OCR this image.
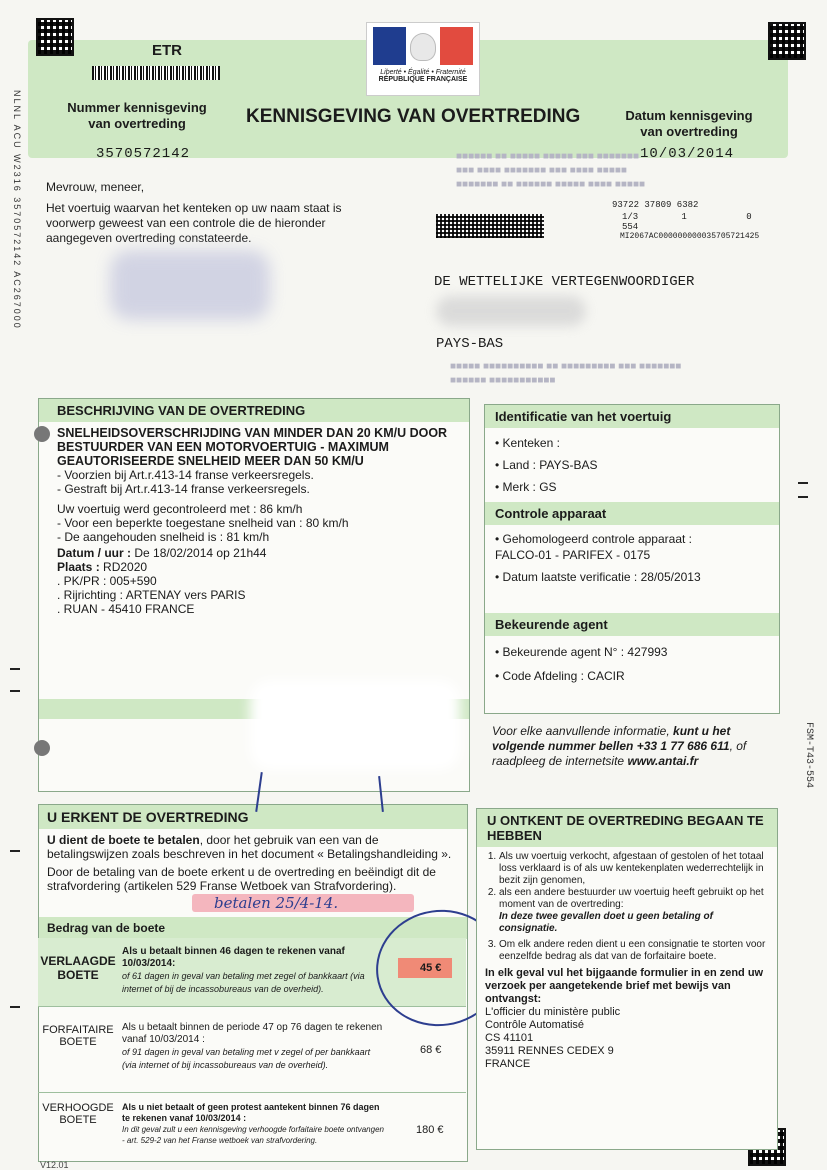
ETR
Liberté • Égalité • Fraternité
RÉPUBLIQUE FRANÇAISE
Nummer kennisgeving van overtreding
3570572142
KENNISGEVING VAN OVERTREDING	Datum kennisgeving van overtreding
10/03/2014
NLNL ACU W2316 3570572142 AC267000
FSM-T43-554
Mevrouw, meneer,
Het voertuig waarvan het kenteken op uw naam staat is voorwerp geweest van een controle die de hieronder aangegeven overtreding constateerde.
■■■■■■ ■■ ■■■■■ ■■■■■ ■■■ ■■■■■■■
■■■ ■■■■ ■■■■■■■ ■■■ ■■■■ ■■■■■
■■■■■■■ ■■ ■■■■■■ ■■■■■ ■■■■ ■■■■■
■■■■■ ■■■■■■■■■■ ■■ ■■■■■■■■■ ■■■ ■■■■■■■
■■■■■■ ■■■■■■■■■■■
93722 37809 6382
1/3        1           0
554
MI2067AC000000000035705721425
DE WETTELIJKE VERTEGENWOORDIGER
PAYS-BAS
BESCHRIJVING VAN DE OVERTREDING
SNELHEIDSOVERSCHRIJDING VAN MINDER DAN 20 KM/U DOOR BESTUURDER VAN EEN MOTORVOERTUIG - MAXIMUM GEAUTORISEERDE SNELHEID MEER DAN 50 KM/U
- Voorzien bij Art.r.413-14 franse verkeersregels.
- Gestraft bij Art.r.413-14 franse verkeersregels.
Uw voertuig werd gecontroleerd met : 86 km/h
- Voor een beperkte toegestane snelheid van : 80 km/h
- De aangehouden snelheid is : 81 km/h
Datum / uur : De 18/02/2014 op 21h44
Plaats : RD2020
. PK/PR : 005+590
. Rijrichting : ARTENAY vers PARIS
. RUAN - 45410 FRANCE
Identificatie van het voertuig
• Kenteken :
• Land : PAYS-BAS
• Merk : GS
Controle apparaat
• Gehomologeerd controle apparaat :
FALCO-01 - PARIFEX - 0175
• Datum laatste verificatie : 28/05/2013
Bekeurende agent
• Bekeurende agent N° : 427993
• Code Afdeling : CACIR
Voor elke aanvullende informatie, kunt u het
volgende nummer bellen +33 1 77 686 611, of
raadpleeg de internetsite www.antai.fr
U ERKENT DE OVERTREDING
U dient de boete te betalen, door het gebruik van een van de betalingswijzen zoals beschreven in het document « Betalingshandleiding ».
Door de betaling van de boete erkent u de overtreding en beëindigt dit de strafvordering (artikelen 529 Franse Wetboek van Strafvordering).
Bedrag van de boete
betalen 25/4-14.
VERLAAGDE BOETE
Als u betaalt binnen 46 dagen te rekenen vanaf 10/03/2014:
of 61 dagen in geval van betaling met zegel of bankkaart (via internet of bij de incassobureaus van de overheid).
45 €
FORFAITAIRE BOETE
Als u betaalt binnen de periode 47 op 76 dagen te rekenen vanaf 10/03/2014 :
of 91 dagen in geval van betaling met v zegel of per bankkaart (via internet of bij incassobureaus van de overheid).
68 €
VERHOOGDE BOETE
Als u niet betaalt of geen protest aantekent binnen 76 dagen te rekenen vanaf 10/03/2014 :
In dit geval zult u een kennisgeving verhoogde forfaitaire boete ontvangen - art. 529-2 van het Franse wetboek van strafvordering.
180 €
U ONTKENT DE OVERTREDING BEGAAN TE HEBBEN
1. Als uw voertuig verkocht, afgestaan of gestolen of het totaal loss verklaard is of als uw kentekenplaten wederrechtelijk in bezit zijn genomen,
2. als een andere bestuurder uw voertuig heeft gebruikt op het moment van de overtreding:
In deze twee gevallen doet u geen betaling of consignatie.
3. Om elk andere reden dient u een consignatie te storten voor eenzelfde bedrag als dat van de forfaitaire boete.
In elk geval vul het bijgaande formulier in en zend uw verzoek per aangetekende brief met bewijs van ontvangst:
L'officier du ministère public
Contrôle Automatisé
CS 41101
35911 RENNES CEDEX 9
FRANCE
V12.01
